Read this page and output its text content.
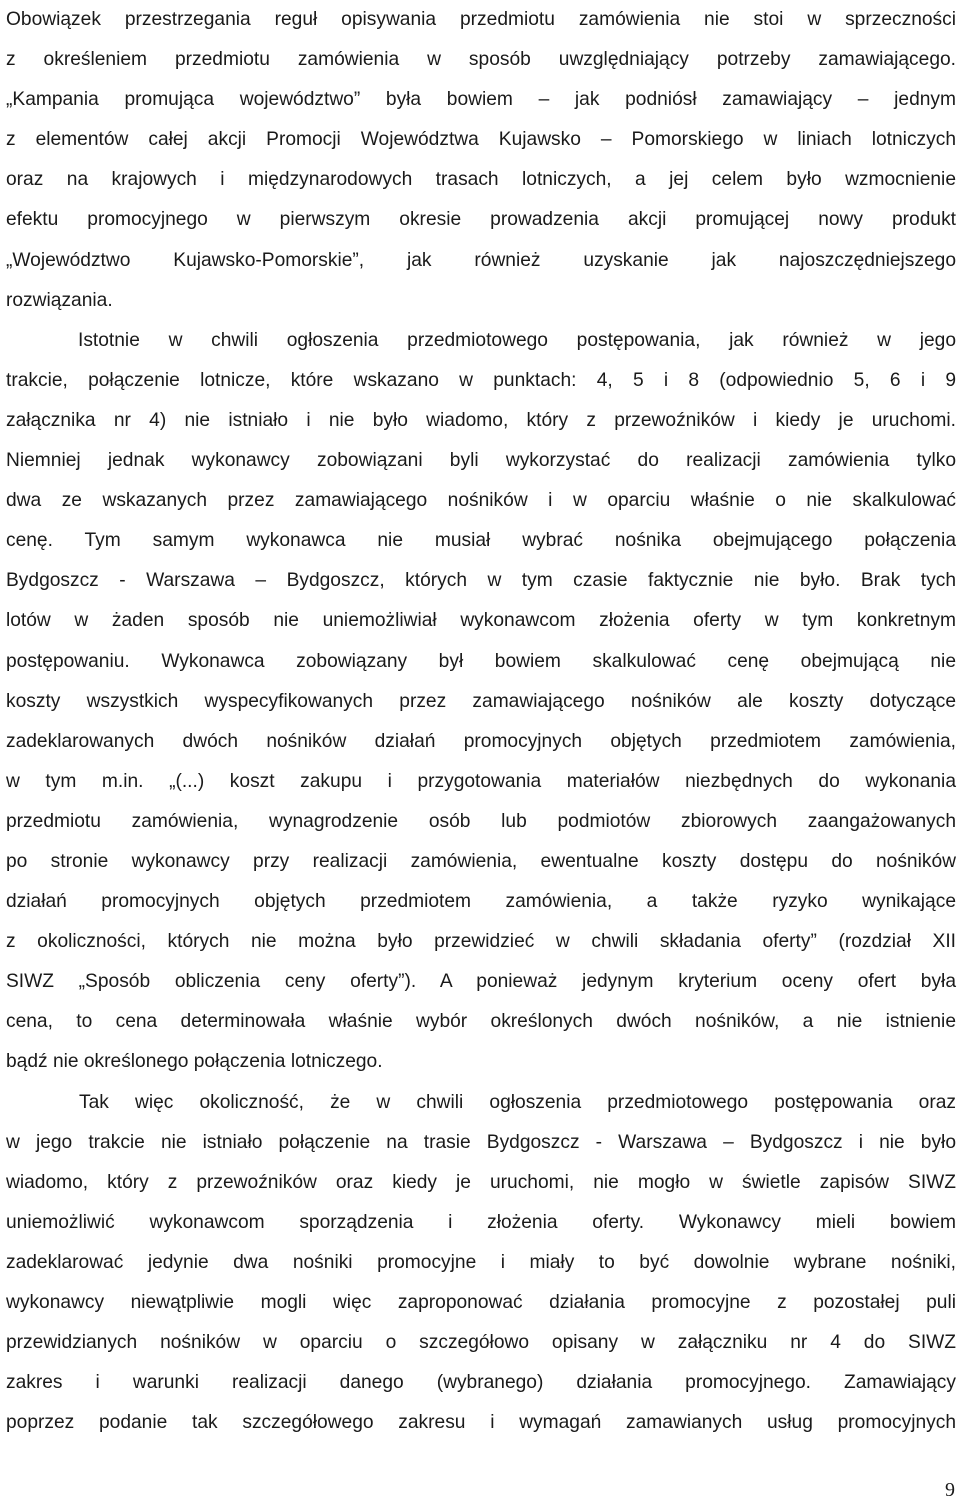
Obowiązek przestrzegania reguł opisywania przedmiotu zamówienia nie stoi w sprzeczności
z określeniem przedmiotu zamówienia w sposób uwzględniający potrzeby zamawiającego.
„Kampania promująca województwo” była bowiem – jak podniósł zamawiający – jednym
z elementów całej akcji Promocji Województwa Kujawsko – Pomorskiego w liniach lotniczych
oraz na krajowych i międzynarodowych trasach lotniczych, a jej celem było wzmocnienie
efektu promocyjnego w pierwszym okresie prowadzenia akcji promującej nowy produkt
„Województwo Kujawsko-Pomorskie”, jak również uzyskanie jak najoszczędniejszego
rozwiązania.
Istotnie w chwili ogłoszenia przedmiotowego postępowania, jak również w jego
trakcie, połączenie lotnicze, które wskazano w punktach: 4, 5 i 8 (odpowiednio 5, 6 i 9
załącznika nr 4) nie istniało i nie było wiadomo, który z przewoźników i kiedy je uruchomi.
Niemniej jednak wykonawcy zobowiązani byli wykorzystać do realizacji zamówienia tylko
dwa ze wskazanych przez zamawiającego nośników i w oparciu właśnie o nie skalkulować
cenę. Tym samym wykonawca nie musiał wybrać nośnika obejmującego połączenia
Bydgoszcz - Warszawa – Bydgoszcz, których w tym czasie faktycznie nie było. Brak tych
lotów w żaden sposób nie uniemożliwiał wykonawcom złożenia oferty w tym konkretnym
postępowaniu. Wykonawca zobowiązany był bowiem skalkulować cenę obejmującą nie
koszty wszystkich wyspecyfikowanych przez zamawiającego nośników ale koszty dotyczące
zadeklarowanych dwóch nośników działań promocyjnych objętych przedmiotem zamówienia,
w tym m.in. „(...) koszt zakupu i przygotowania materiałów niezbędnych do wykonania
przedmiotu zamówienia, wynagrodzenie osób lub podmiotów zbiorowych zaangażowanych
po stronie wykonawcy przy realizacji zamówienia, ewentualne koszty dostępu do nośników
działań promocyjnych objętych przedmiotem zamówienia, a także ryzyko wynikające
z okoliczności, których nie można było przewidzieć w chwili składania oferty” (rozdział XII
SIWZ „Sposób obliczenia ceny oferty”). A ponieważ jedynym kryterium oceny ofert była
cena, to cena determinowała właśnie wybór określonych dwóch nośników, a nie istnienie
bądź nie określonego połączenia lotniczego.
Tak więc okoliczność, że w chwili ogłoszenia przedmiotowego postępowania oraz
w jego trakcie nie istniało połączenie na trasie Bydgoszcz - Warszawa – Bydgoszcz i nie było
wiadomo, który z przewoźników oraz kiedy je uruchomi, nie mogło w świetle zapisów SIWZ
uniemożliwić wykonawcom sporządzenia i złożenia oferty. Wykonawcy mieli bowiem
zadeklarować jedynie dwa nośniki promocyjne i miały to być dowolnie wybrane nośniki,
wykonawcy niewątpliwie mogli więc zaproponować działania promocyjne z pozostałej puli
przewidzianych nośników w oparciu o szczegółowo opisany w załączniku nr 4 do SIWZ
zakres i warunki realizacji danego (wybranego) działania promocyjnego. Zamawiający
poprzez podanie tak szczegółowego zakresu i wymagań zamawianych usług promocyjnych
9
